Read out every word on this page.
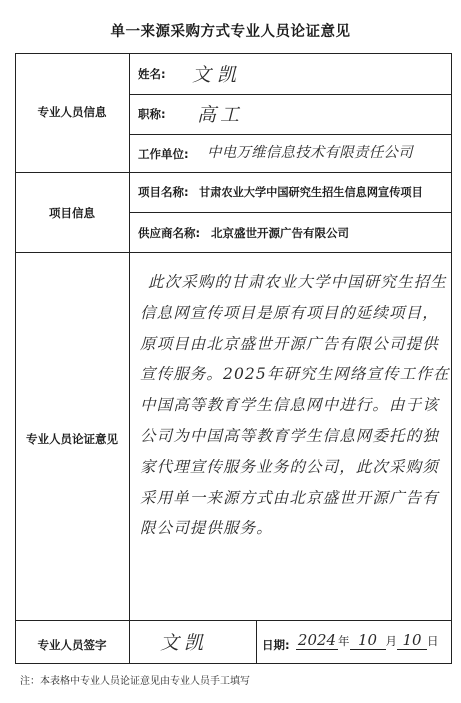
单一来源采购方式专业人员论证意见
专业人员信息
姓名: 文凯
职称: 高工
工作单位: 中电万维信息技术有限责任公司
项目信息
项目名称: 甘肃农业大学中国研究生招生信息网宣传项目
供应商名称: 北京盛世开源广告有限公司
专业人员论证意见
此次采购的甘肃农业大学中国研究生招生信息网宣传项目是原有项目的延续项目，原项目由北京盛世开源广告有限公司提供宣传服务。2025年研究生网络宣传工作在中国高等教育学生信息网中进行。由于该公司为中国高等教育学生信息网委托的独家代理宣传服务业务的公司，此次采购须采用单一来源方式由北京盛世开源广告有限公司提供服务。
专业人员签字	文凯	日期: 2024 年 10 月 10 日
注：本表格中专业人员论证意见由专业人员手工填写
